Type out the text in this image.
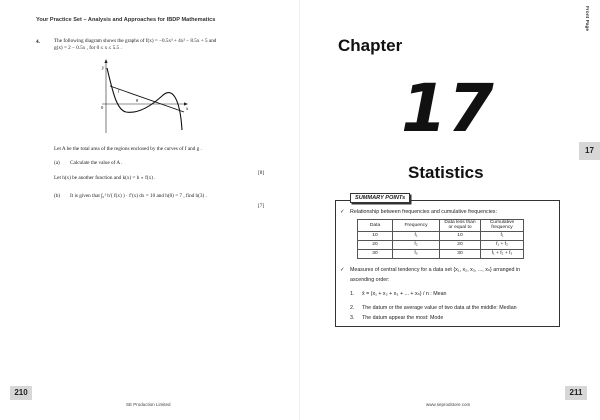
Your Practice Set – Analysis and Approaches for IBDP Mathematics
4.	The following diagram shows the graphs of f(x) = −0.5x³ + 4x² − 8.5x + 5 and
g(x) = 2 − 0.5x , for 0 ≤ x ≤ 5.5 .
y
x
0
f
g
Let A be the total area of the regions enclosed by the curves of f and g .
(a) Calculate the value of A .
[8]
Let h(x) be another function and k(x) = h ∘ f(x) .
(b) It is given that ∫₀¹ h′( f(x) ) · f′(x) dx = 10 and h(0) = 7 , find h(3) .
[7]
210
SE Production Limited
Front Page
Chapter
17
17
Statistics
SUMMARY POINTs
✓ Relationship between frequencies and cumulative frequencies:
Data	Frequency	Data less than or equal to	Cumulative frequency
10	f₁	10	f₁
20	f₂	20	f₁ + f₂
30	f₃	30	f₁ + f₂ + f₃
✓ Measures of central tendency for a data set {x₁, x₂, x₃, ..., xₙ} arranged in
ascending order:
1. x̄ = (x₁ + x₂ + x₃ + ... + xₙ) / n : Mean
2. The datum or the average value of two data at the middle: Median
3. The datum appear the most: Mode
211
www.seprodstore.com
